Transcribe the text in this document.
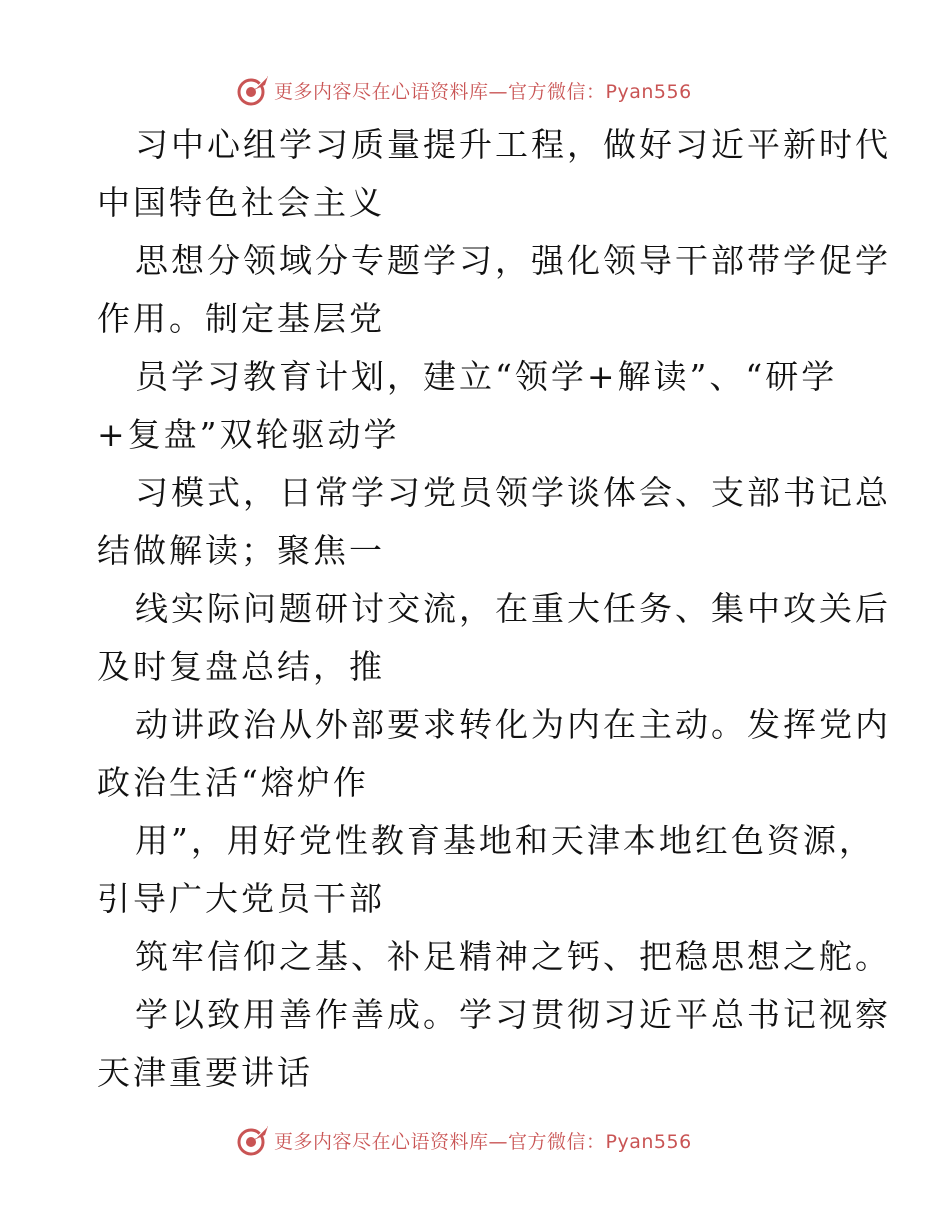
更多内容尽在心语资料库—官方微信：Pyan556
习中心组学习质量提升工程，做好习近平新时代
中国特色社会主义
思想分领域分专题学习，强化领导干部带学促学
作用。制定基层党
员学习教育计划，建立“领学+解读”、“研学
+复盘”双轮驱动学
习模式，日常学习党员领学谈体会、支部书记总
结做解读；聚焦一
线实际问题研讨交流，在重大任务、集中攻关后
及时复盘总结，推
动讲政治从外部要求转化为内在主动。发挥党内
政治生活“熔炉作
用”，用好党性教育基地和天津本地红色资源，
引导广大党员干部
筑牢信仰之基、补足精神之钙、把稳思想之舵。
学以致用善作善成。学习贯彻习近平总书记视察
天津重要讲话
更多内容尽在心语资料库—官方微信：Pyan556
